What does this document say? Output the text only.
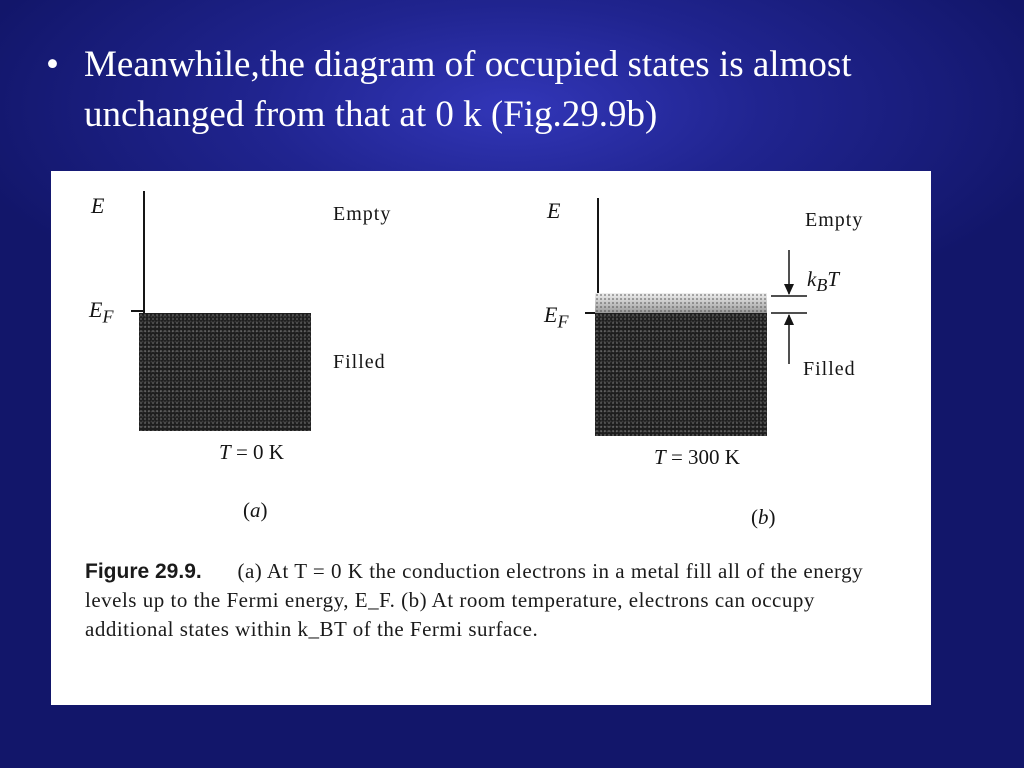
• Meanwhile,the diagram of occupied states is almost unchanged from that at 0 k (Fig.29.9b)
E
$E_F$
Empty
Filled
T = 0 K
(a)
E
$E_F$
Empty
Filled
$k_BT$
T = 300 K
(b)
Figure 29.9. (a) At T = 0 K the conduction electrons in a metal fill all of the energy levels up to the Fermi energy, E_F. (b) At room temperature, electrons can occupy additional states within k_BT of the Fermi surface.
